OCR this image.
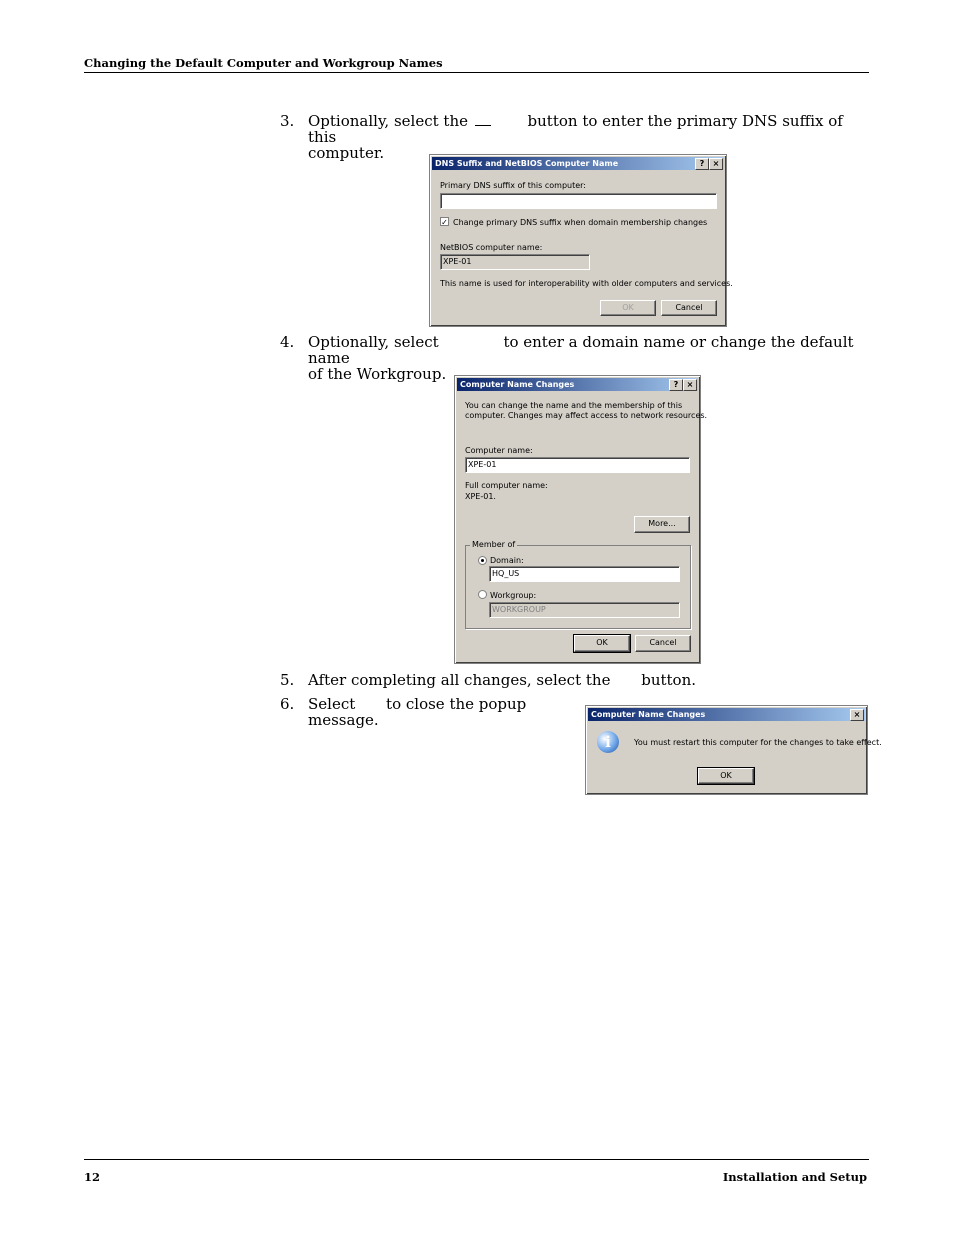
Changing the Default Computer and Workgroup Names
3. Optionally, select the	button to enter the primary DNS suffix of this
computer.
DNS Suffix and NetBIOS Computer Name	?	×
Primary DNS suffix of this computer:
✓ Change primary DNS suffix when domain membership changes
NetBIOS computer name:
XPE-01
This name is used for interoperability with older computers and services.
OK	Cancel
4. Optionally, select	to enter a domain name or change the default name
of the Workgroup.
Computer Name Changes	?	×
You can change the name and the membership of this
computer. Changes may affect access to network resources.
Computer name:
XPE-01
Full computer name:
XPE-01.
More...
Member of
Domain:
HQ_US
Workgroup:
WORKGROUP
OK	Cancel
5. After completing all changes, select the button.
6. Select to close the popup
message.	Computer Name Changes	×
i	You must restart this computer for the changes to take effect.
OK
12	Installation and Setup
